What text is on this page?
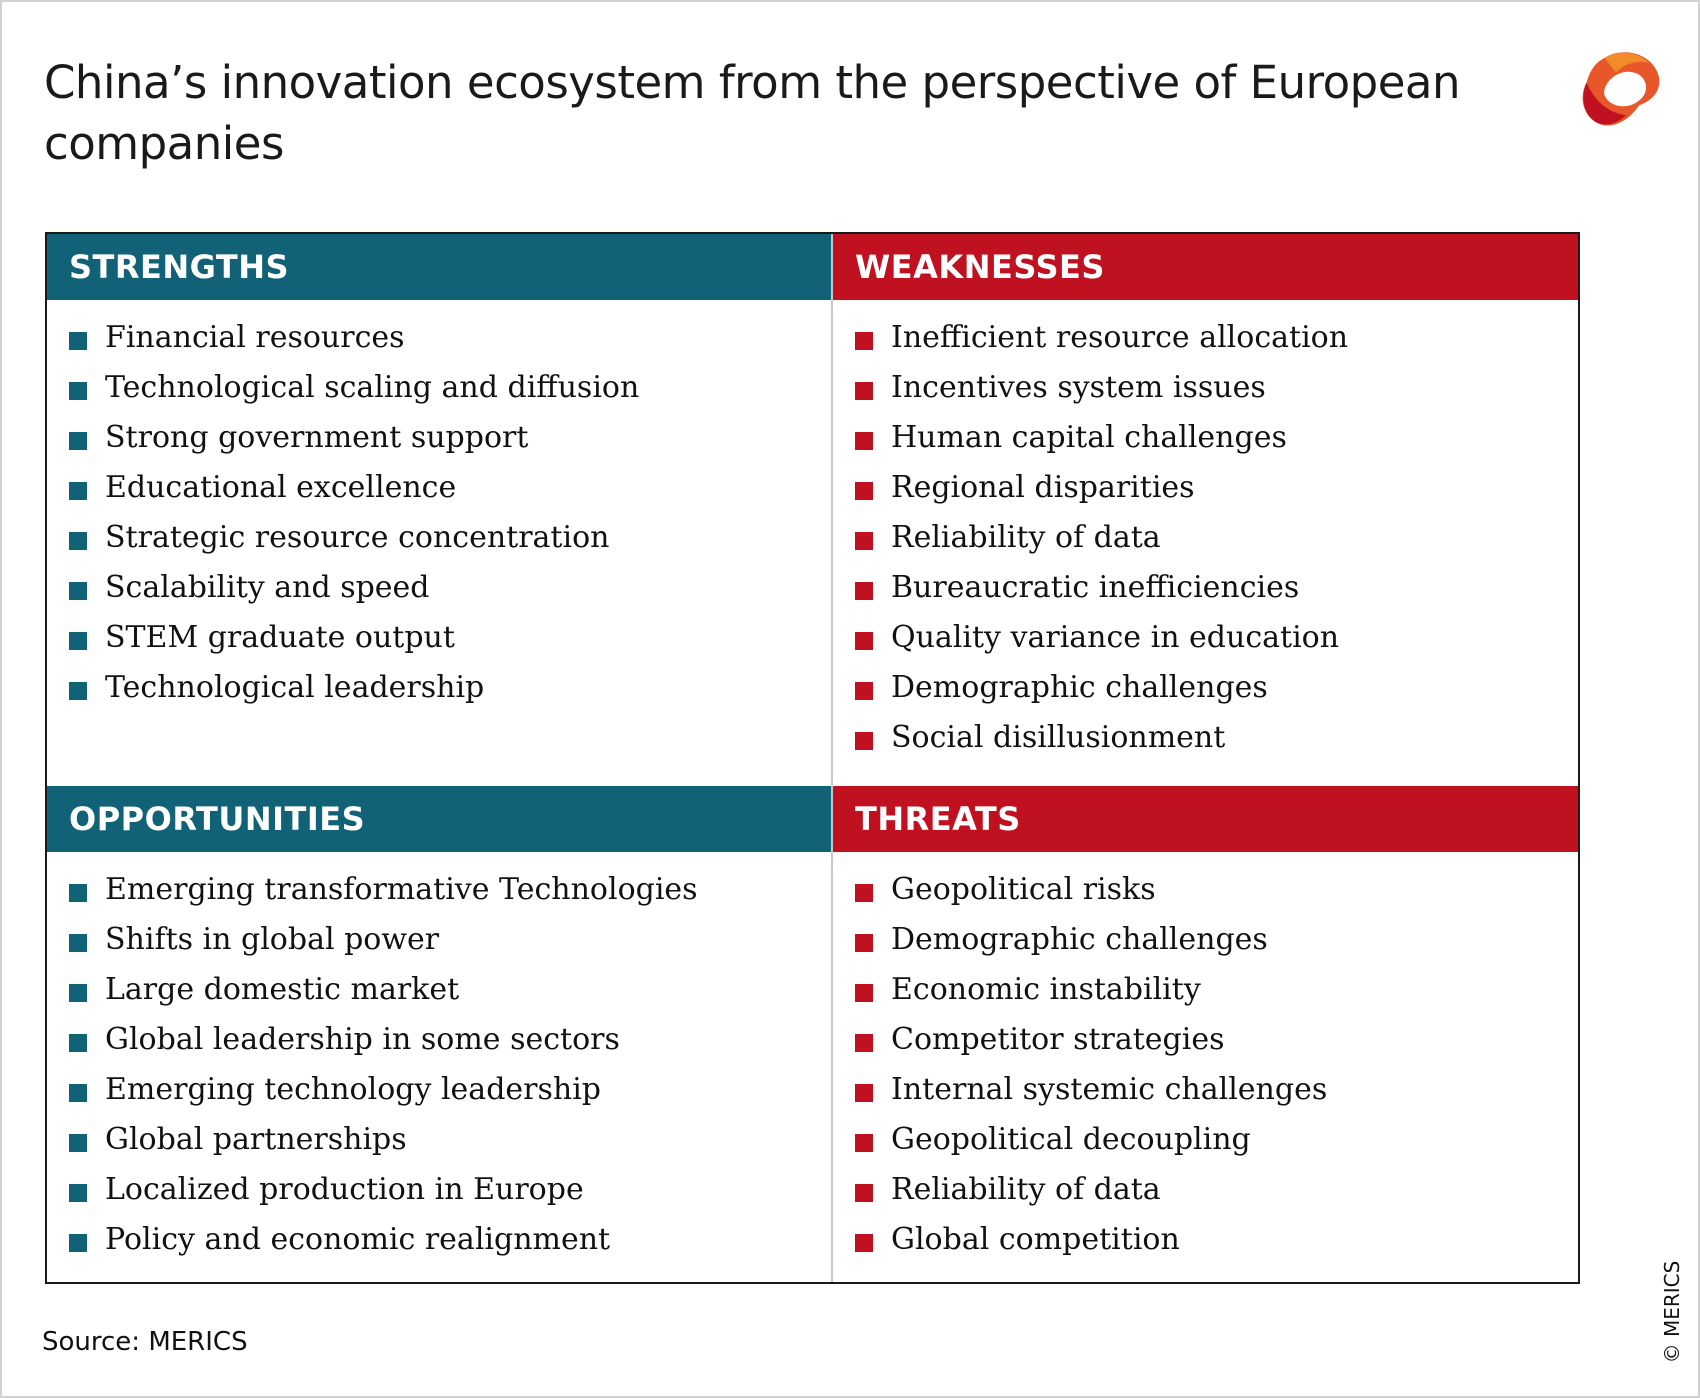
China’s innovation ecosystem from the perspective of European companies
STRENGTHS
Financial resources
Technological scaling and diffusion
Strong government support
Educational excellence
Strategic resource concentration
Scalability and speed
STEM graduate output
Technological leadership
WEAKNESSES
Inefficient resource allocation
Incentives system issues
Human capital challenges
Regional disparities
Reliability of data
Bureaucratic inefficiencies
Quality variance in education
Demographic challenges
Social disillusionment
OPPORTUNITIES
Emerging transformative Technologies
Shifts in global power
Large domestic market
Global leadership in some sectors
Emerging technology leadership
Global partnerships
Localized production in Europe
Policy and economic realignment
THREATS
Geopolitical risks
Demographic challenges
Economic instability
Competitor strategies
Internal systemic challenges
Geopolitical decoupling
Reliability of data
Global competition
Source: MERICS	© MERICS
